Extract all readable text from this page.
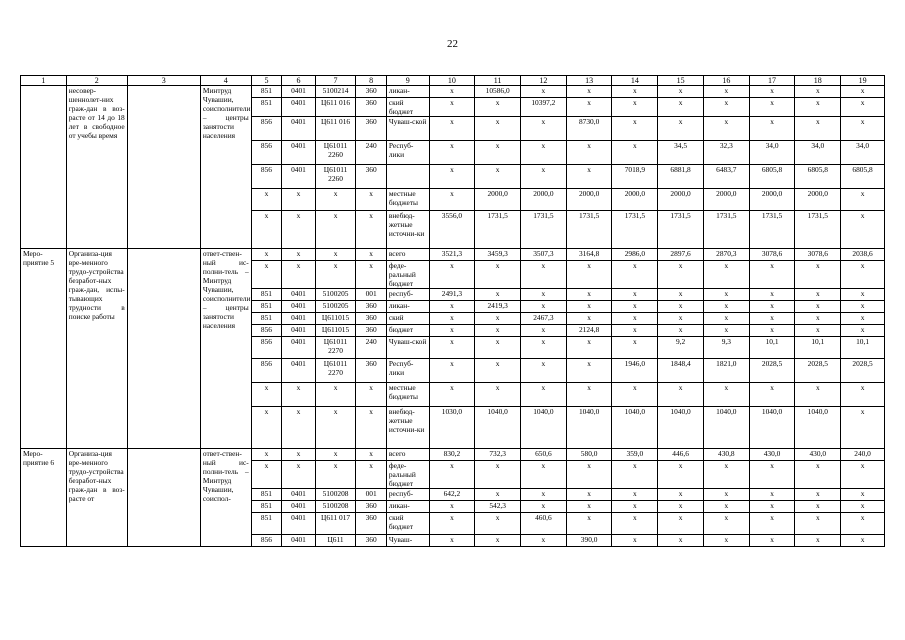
22
1	2	3	4	5	6	7	8	9	10	11	12	13	14	15	16	17	18	19
	несовер-шеннолет-них граж-дан в воз-расте от 14 до 18 лет в свободное от учебы время		Минтруд Чувашии, соисполнители – центры занятости населения	851	0401	5100214	360	ликан-	x	10586,0	x	x	x	x	x	x	x	x
				851	0401	Ц611 016	360	ский бюджет	x	x	10397,2	x	x	x	x	x	x	x
				856	0401	Ц611 016	360	Чуваш-ской	x	x	x	8730,0	x	x	x	x	x	x
				856	0401	Ц61011 2260	240	Респуб-лики	x	x	x	x	x	34,5	32,3	34,0	34,0	34,0
				856	0401	Ц61011 2260	360		x	x	x	x	7018,9	6881,8	6483,7	6805,8	6805,8	6805,8
				x	x	x	x	местные бюджеты	x	2000,0	2000,0	2000,0	2000,0	2000,0	2000,0	2000,0	2000,0	x
				x	x	x	x	внебюд-жетные источни-ки	3556,0	1731,5	1731,5	1731,5	1731,5	1731,5	1731,5	1731,5	1731,5	x
Меро-приятие 5	Организа-ция вре-менного трудо-устройства безработ-ных граж-дан, испы-тывающих трудности в поиске работы		ответ-ствен-ный ис-полни-тель – Минтруд Чувашии, соисполнители – центры занятости населения	x	x	x	x	всего	3521,3	3459,3	3507,3	3164,8	2986,0	2897,6	2870,3	3078,6	3078,6	2038,6
				x	x	x	x	феде-ральный бюджет	x	x	x	x	x	x	x	x	x	x
				851	0401	5100205	001	респуб-	2491,3	x	x	x	x	x	x	x	x	x
				851	0401	5100205	360	ликан-	x	2419,3	x	x	x	x	x	x	x	x
				851	0401	Ц611015	360	ский	x	x	2467,3	x	x	x	x	x	x	x
				856	0401	Ц611015	360	бюджет	x	x	x	2124,8	x	x	x	x	x	x
				856	0401	Ц61011 2270	240	Чуваш-ской	x	x	x	x	x	9,2	9,3	10,1	10,1	10,1
				856	0401	Ц61011 2270	360	Респуб-лики	x	x	x	x	1946,0	1848,4	1821,0	2028,5	2028,5	2028,5
				x	x	x	x	местные бюджеты	x	x	x	x	x	x	x	x	x	x
				x	x	x	x	внебюд-жетные источни-ки	1030,0	1040,0	1040,0	1040,0	1040,0	1040,0	1040,0	1040,0	1040,0	x
Меро-приятие 6	Организа-ция вре-менного трудо-устройства безработ-ных граж-дан в воз-расте от		ответ-ствен-ный ис-полни-тель – Минтруд Чувашии, соиспол-	x	x	x	x	всего	830,2	732,3	650,6	580,0	359,0	446,6	430,8	430,0	430,0	240,0
				x	x	x	x	феде-ральный бюджет	x	x	x	x	x	x	x	x	x	x
				851	0401	5100208	001	респуб-	642,2	x	x	x	x	x	x	x	x	x
				851	0401	5100208	360	ликан-	x	542,3	x	x	x	x	x	x	x	x
				851	0401	Ц611 017	360	ский бюджет	x	x	460,6	x	x	x	x	x	x	x
				856	0401	Ц611	360	Чуваш-	x	x	x	390,0	x	x	x	x	x	x
